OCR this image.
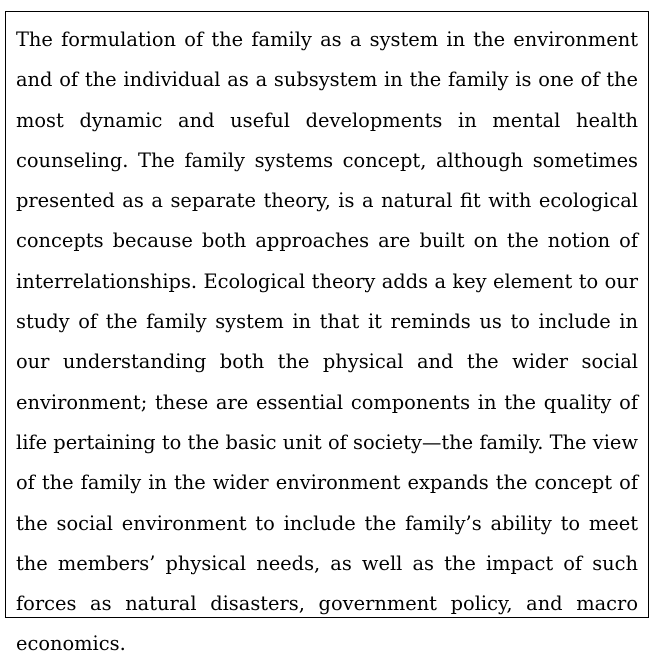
The formulation of the family as a system in the environment and of the individual as a subsystem in the family is one of the most dynamic and useful developments in mental health counseling. The family systems concept, although sometimes presented as a separate theory, is a natural fit with ecological concepts because both approaches are built on the notion of interrelationships. Ecological theory adds a key element to our study of the family system in that it reminds us to include in our understanding both the physical and the wider social environment; these are essential components in the quality of life pertaining to the basic unit of society—the family. The view of the family in the wider environment expands the concept of the social environment to include the family’s ability to meet the members’ physical needs, as well as the impact of such forces as natural disasters, government policy, and macro economics.
